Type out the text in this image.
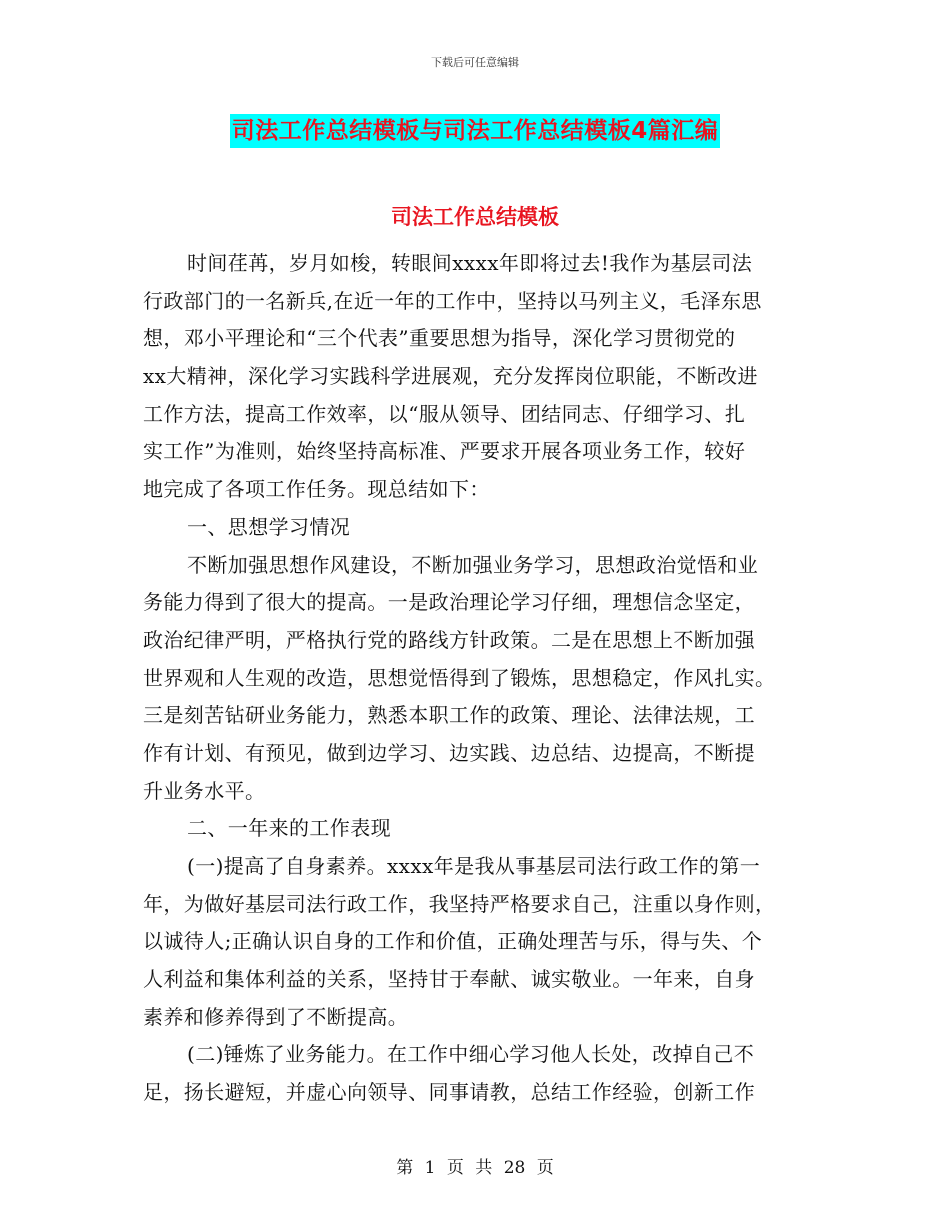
下载后可任意编辑
司法工作总结模板与司法工作总结模板4篇汇编
司法工作总结模板
时间荏苒，岁月如梭，转眼间xxxx年即将过去!我作为基层司法
行政部门的一名新兵,在近一年的工作中，坚持以马列主义，毛泽东思
想，邓小平理论和“三个代表”重要思想为指导，深化学习贯彻党的
xx大精神，深化学习实践科学进展观，充分发挥岗位职能，不断改进
工作方法，提高工作效率，以“服从领导、团结同志、仔细学习、扎
实工作”为准则，始终坚持高标准、严要求开展各项业务工作，较好
地完成了各项工作任务。现总结如下：
一、思想学习情况
不断加强思想作风建设，不断加强业务学习，思想政治觉悟和业
务能力得到了很大的提高。一是政治理论学习仔细，理想信念坚定，
政治纪律严明，严格执行党的路线方针政策。二是在思想上不断加强
世界观和人生观的改造，思想觉悟得到了锻炼，思想稳定，作风扎实。
三是刻苦钻研业务能力，熟悉本职工作的政策、理论、法律法规，工
作有计划、有预见，做到边学习、边实践、边总结、边提高，不断提
升业务水平。
二、一年来的工作表现
(一)提高了自身素养。xxxx年是我从事基层司法行政工作的第一
年，为做好基层司法行政工作，我坚持严格要求自己，注重以身作则，
以诚待人;正确认识自身的工作和价值，正确处理苦与乐，得与失、个
人利益和集体利益的关系，坚持甘于奉献、诚实敬业。一年来，自身
素养和修养得到了不断提高。
(二)锤炼了业务能力。在工作中细心学习他人长处，改掉自己不
足，扬长避短，并虚心向领导、同事请教，总结工作经验，创新工作
第 1 页 共 28 页
